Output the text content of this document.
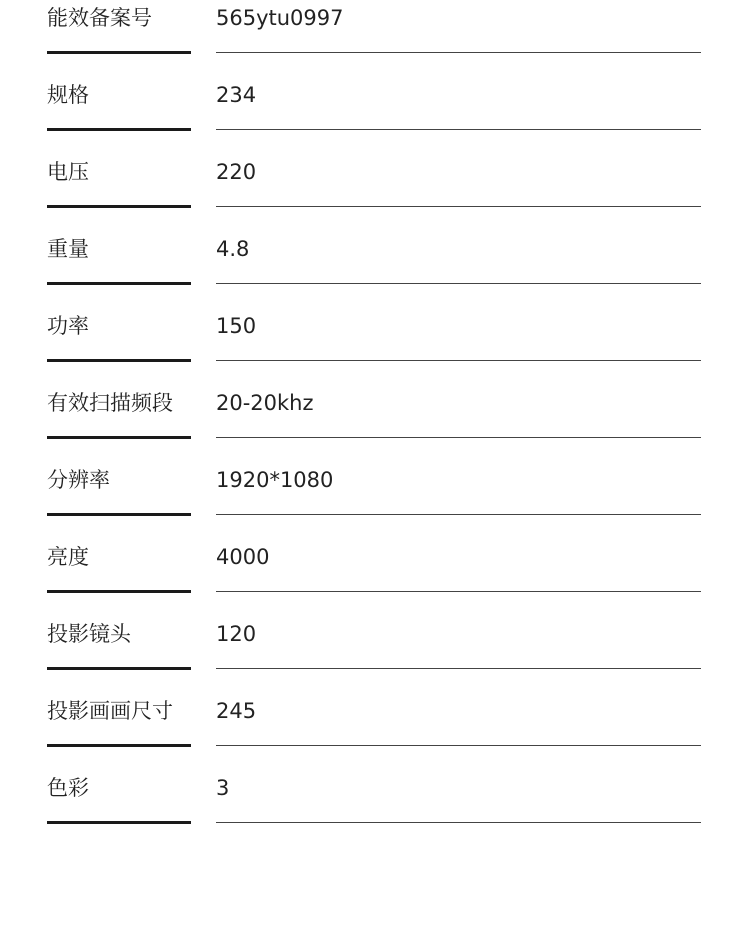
能效备案号	565ytu0997
规格	234
电压	220
重量	4.8
功率	150
有效扫描频段 20-20khz
分辨率	1920*1080
亮度	4000
投影镜头	120
投影画画尺寸 245
色彩	3
